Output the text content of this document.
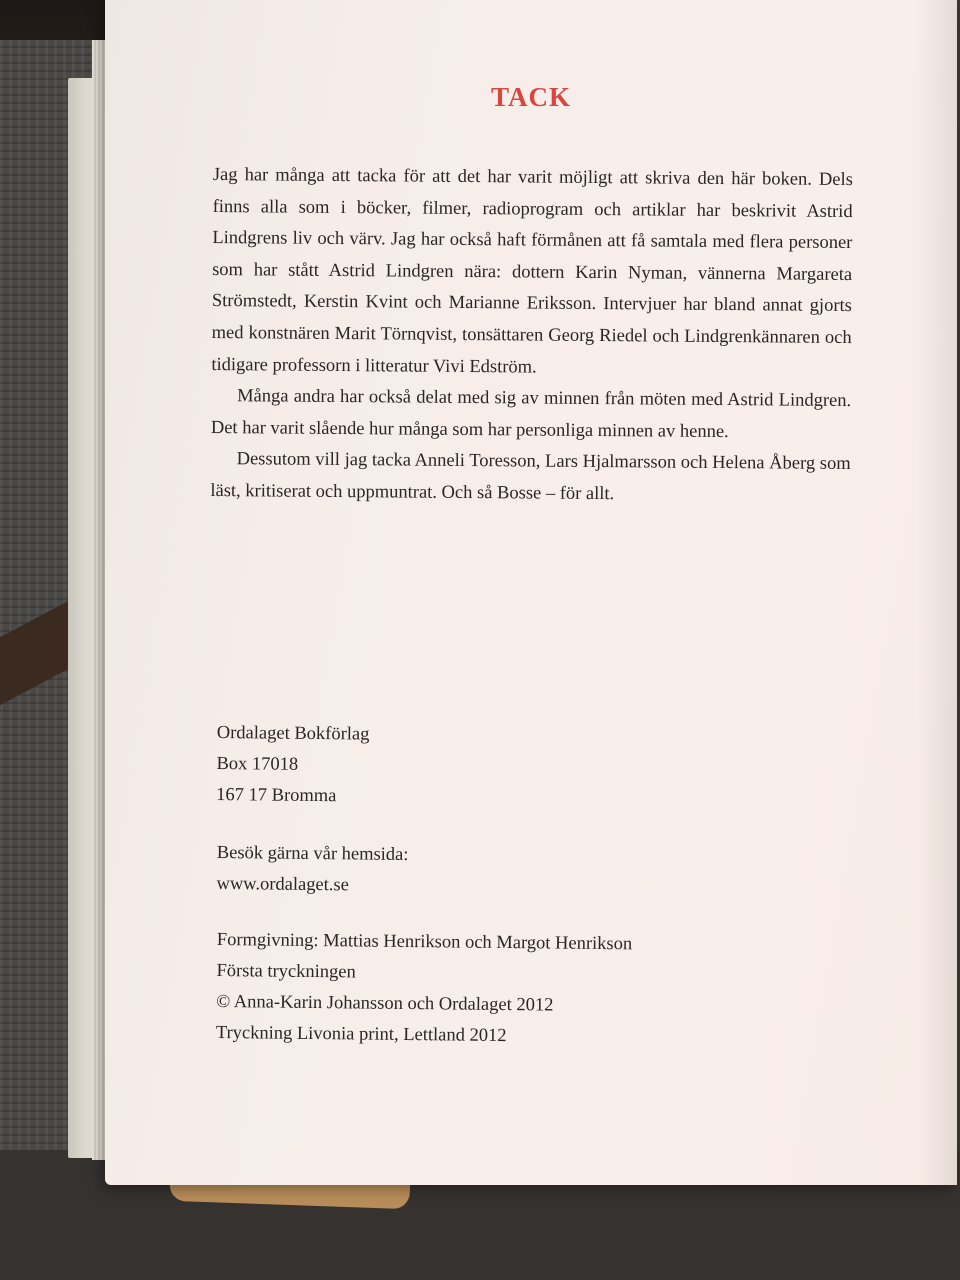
TACK

Jag har många att tacka för att det har varit möjligt att skriva den här boken. Dels finns alla som i böcker, filmer, radioprogram och artiklar har beskrivit Astrid Lindgrens liv och värv. Jag har också haft förmånen att få samtala med flera personer som har stått Astrid Lindgren nära: dottern Karin Nyman, vännerna Margareta Strömstedt, Kerstin Kvint och Marianne Eriksson. Intervjuer har bland annat gjorts med konstnären Marit Törnqvist, tonsättaren Georg Riedel och Lindgrenkännaren och tidigare professorn i litteratur Vivi Edström.

Många andra har också delat med sig av minnen från möten med Astrid Lindgren. Det har varit slående hur många som har personliga minnen av henne.

Dessutom vill jag tacka Anneli Toresson, Lars Hjalmarsson och Helena Åberg som läst, kritiserat och uppmuntrat. Och så Bosse – för allt.

Ordalaget Bokförlag
Box 17018
167 17 Bromma
Besök gärna vår hemsida:
www.ordalaget.se
Formgivning: Mattias Henrikson och Margot Henrikson
Första tryckningen
© Anna-Karin Johansson och Ordalaget 2012
Tryckning Livonia print, Lettland 2012
